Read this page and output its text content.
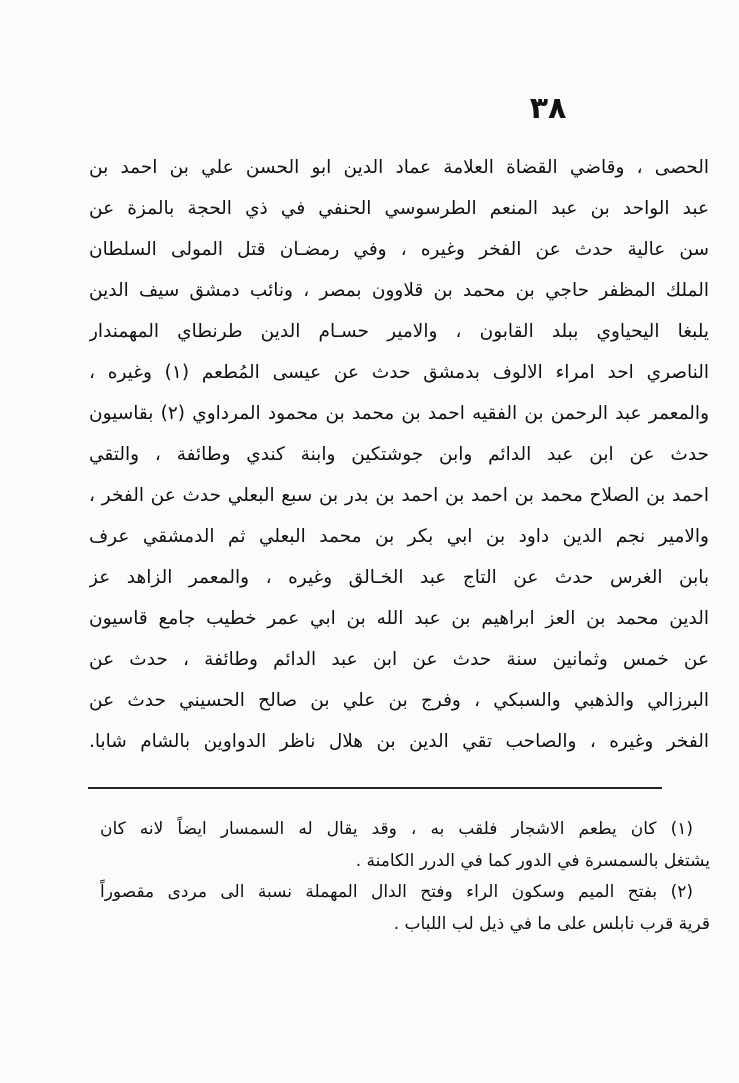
٣٨
الحصى ، وقاضي القضاة العلامة عماد الدين ابو الحسن علي بن احمد بن
عبد الواحد بن عبد المنعم الطرسوسي الحنفي في ذي الحجة بالمزة عن
سن عالية حدث عن الفخر وغيره ، وفي رمضـان قتل المولى السلطان
الملك المظفر حاجي بن محمد بن قلاوون بمصر ، ونائب دمشق سيف الدين
يلبغا اليحياوي ببلد القابون ، والامير حسـام الدين طرنطاي المهمندار
الناصري احد امراء الالوف بدمشق حدث عن عيسى المُطعم (١) وغيره ،
والمعمر عبد الرحمن بن الفقيه احمد بن محمد بن محمود المرداوي (٢) بقاسيون
حدث عن ابن عبد الدائم وابن جوشتكين وابنة كندي وطائفة ، والتقي
احمد بن الصلاح محمد بن احمد بن احمد بن بدر بن سبع البعلي حدث عن الفخر ،
والامير نجم الدين داود بن ابي بكر بن محمد البعلي ثم الدمشقي عرف
بابن الغرس حدث عن التاج عبد الخـالق وغيره ، والمعمر الزاهد عز
الدين محمد بن العز ابراهيم بن عبد الله بن ابي عمر خطيب جامع قاسيون
عن خمس وثمانين سنة حدث عن ابن عبد الدائم وطائفة ، حدث عن
البرزالي والذهبي والسبكي ، وفرج بن علي بن صالح الحسيني حدث عن
الفخر وغيره ، والصاحب تقي الدين بن هلال ناظر الدواوين بالشام شابا.
(١) كان يطعم الاشجار فلقب به ، وقد يقال له السمسار ايضاً لانه كان
يشتغل بالسمسرة في الدور كما في الدرر الكامنة .
(٢) بفتح الميم وسكون الراء وفتح الدال المهملة نسبة الى مردى مقصوراً
قرية قرب نابلس على ما في ذيل لب اللباب .
